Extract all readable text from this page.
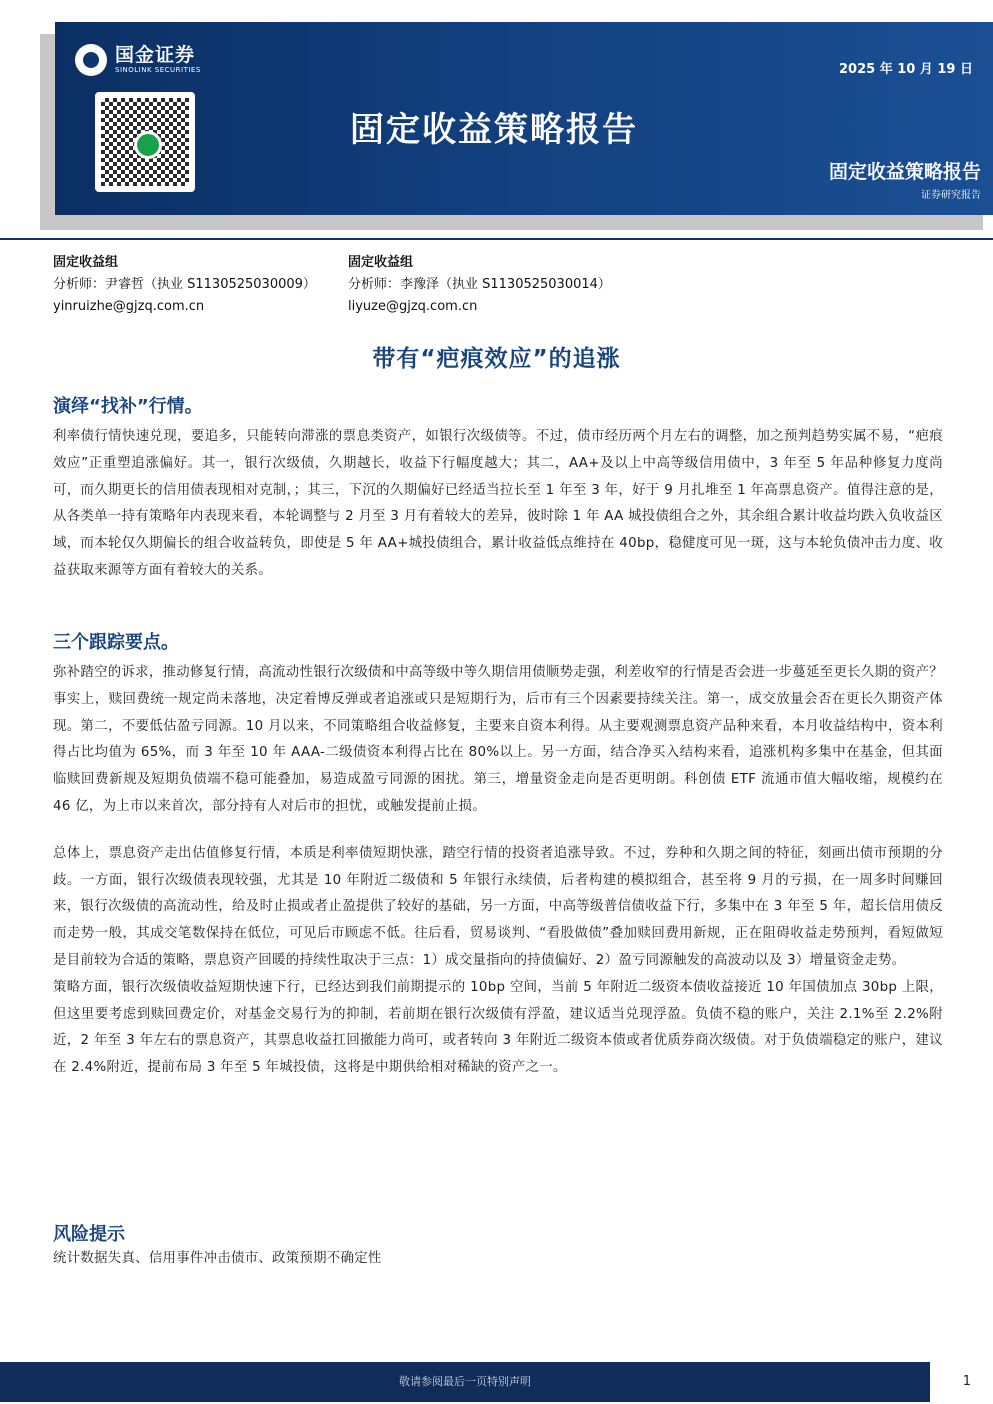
国金证券
SINOLINK SECURITIES
固定收益策略报告
2025 年 10 月 19 日
固定收益策略报告
证券研究报告
固定收益组
分析师：尹睿哲（执业 S1130525030009）
yinruizhe@gjzq.com.cn
固定收益组
分析师：李豫泽（执业 S1130525030014）
liyuze@gjzq.com.cn
带有“疤痕效应”的追涨
演绎“找补”行情。

利率债行情快速兑现，要追多，只能转向滞涨的票息类资产，如银行次级债等。不过，债市经历两个月左右的调整，加之预判趋势实属不易，“疤痕效应”正重塑追涨偏好。其一，银行次级债，久期越长，收益下行幅度越大；其二，AA+及以上中高等级信用债中，3 年至 5 年品种修复力度尚可，而久期更长的信用债表现相对克制，；其三，下沉的久期偏好已经适当拉长至 1 年至 3 年，好于 9 月扎堆至 1 年高票息资产。值得注意的是，从各类单一持有策略年内表现来看，本轮调整与 2 月至 3 月有着较大的差异，彼时除 1 年 AA 城投债组合之外，其余组合累计收益均跌入负收益区域，而本轮仅久期偏长的组合收益转负，即使是 5 年 AA+城投债组合，累计收益低点维持在 40bp，稳健度可见一斑，这与本轮负债冲击力度、收益获取来源等方面有着较大的关系。

三个跟踪要点。

弥补踏空的诉求，推动修复行情，高流动性银行次级债和中高等级中等久期信用债顺势走强，利差收窄的行情是否会进一步蔓延至更长久期的资产？事实上，赎回费统一规定尚未落地，决定着博反弹或者追涨或只是短期行为，后市有三个因素要持续关注。第一，成交放量会否在更长久期资产体现。第二，不要低估盈亏同源。10 月以来，不同策略组合收益修复，主要来自资本利得。从主要观测票息资产品种来看，本月收益结构中，资本利得占比均值为 65%，而 3 年至 10 年 AAA-二级债资本利得占比在 80%以上。另一方面，结合净买入结构来看，追涨机构多集中在基金，但其面临赎回费新规及短期负债端不稳可能叠加，易造成盈亏同源的困扰。第三，增量资金走向是否更明朗。科创债 ETF 流通市值大幅收缩，规模约在 46 亿，为上市以来首次，部分持有人对后市的担忧，或触发提前止损。

总体上，票息资产走出估值修复行情，本质是利率债短期快涨，踏空行情的投资者追涨导致。不过，券种和久期之间的特征，刻画出债市预期的分歧。一方面，银行次级债表现较强，尤其是 10 年附近二级债和 5 年银行永续债，后者构建的模拟组合，甚至将 9 月的亏损，在一周多时间赚回来，银行次级债的高流动性，给及时止损或者止盈提供了较好的基础，另一方面，中高等级普信债收益下行，多集中在 3 年至 5 年，超长信用债反而走势一般，其成交笔数保持在低位，可见后市顾虑不低。往后看，贸易谈判、“看股做债”叠加赎回费用新规，正在阻碍收益走势预判，看短做短是目前较为合适的策略，票息资产回暖的持续性取决于三点：1）成交量指向的持债偏好、2）盈亏同源触发的高波动以及 3）增量资金走势。

策略方面，银行次级债收益短期快速下行，已经达到我们前期提示的 10bp 空间，当前 5 年附近二级资本债收益接近 10 年国债加点 30bp 上限，但这里要考虑到赎回费定价，对基金交易行为的抑制，若前期在银行次级债有浮盈，建议适当兑现浮盈。负债不稳的账户，关注 2.1%至 2.2%附近，2 年至 3 年左右的票息资产，其票息收益扛回撤能力尚可，或者转向 3 年附近二级资本债或者优质券商次级债。对于负债端稳定的账户，建议在 2.4%附近，提前布局 3 年至 5 年城投债，这将是中期供给相对稀缺的资产之一。

风险提示

统计数据失真、信用事件冲击债市、政策预期不确定性

敬请参阅最后一页特别声明	1
